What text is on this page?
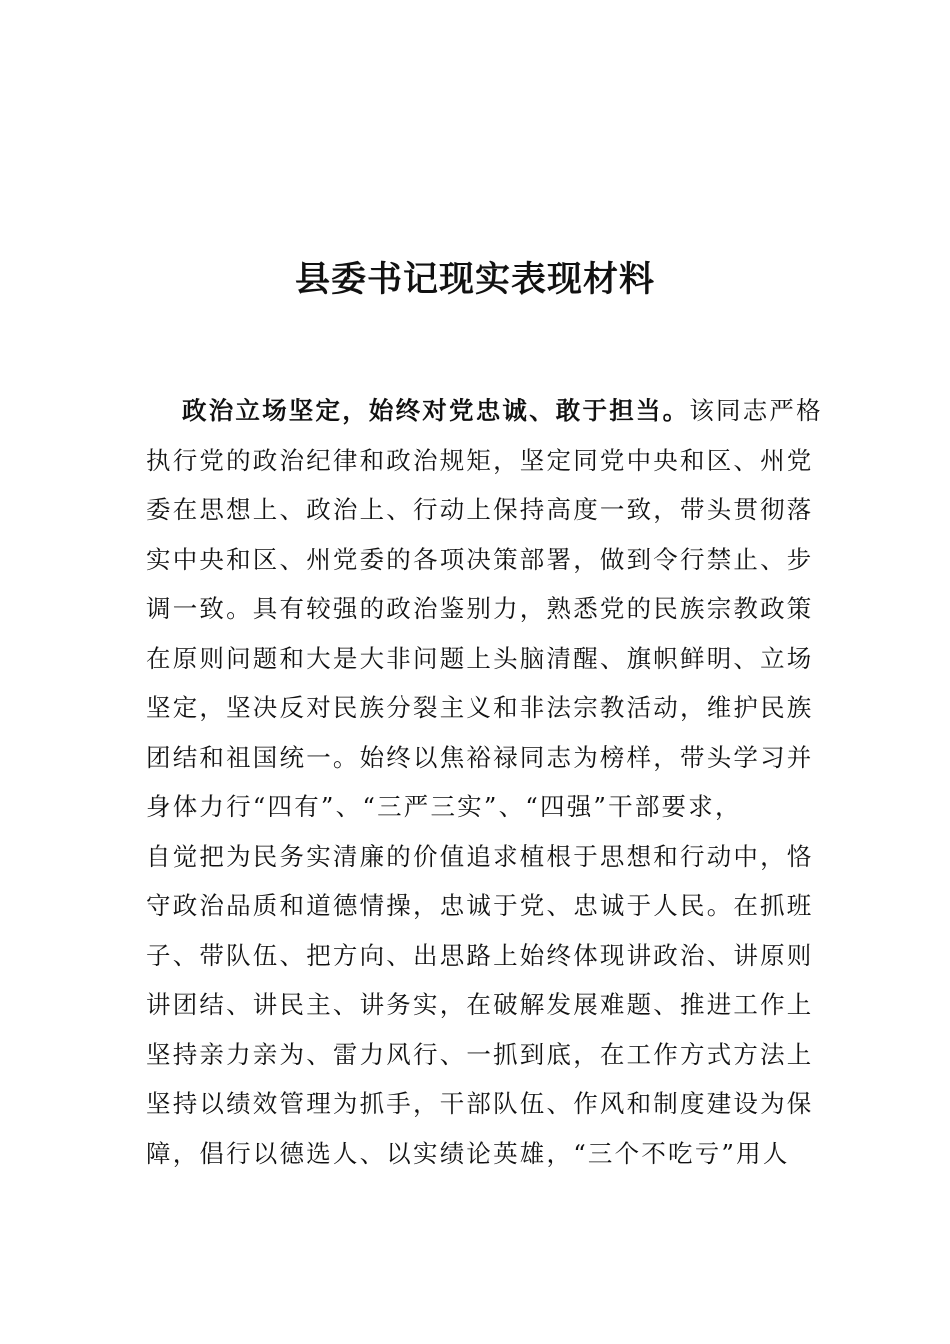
县委书记现实表现材料
政治立场坚定，始终对党忠诚、敢于担当。该同志严格
执行党的政治纪律和政治规矩，坚定同党中央和区、州党
委在思想上、政治上、行动上保持高度一致，带头贯彻落
实中央和区、州党委的各项决策部署，做到令行禁止、步
调一致。具有较强的政治鉴别力，熟悉党的民族宗教政策
在原则问题和大是大非问题上头脑清醒、旗帜鲜明、立场
坚定，坚决反对民族分裂主义和非法宗教活动，维护民族
团结和祖国统一。始终以焦裕禄同志为榜样，带头学习并
身体力行“四有”、“三严三实”、“四强”干部要求，
自觉把为民务实清廉的价值追求植根于思想和行动中，恪
守政治品质和道德情操，忠诚于党、忠诚于人民。在抓班
子、带队伍、把方向、出思路上始终体现讲政治、讲原则
讲团结、讲民主、讲务实，在破解发展难题、推进工作上
坚持亲力亲为、雷力风行、一抓到底，在工作方式方法上
坚持以绩效管理为抓手，干部队伍、作风和制度建设为保
障，倡行以德选人、以实绩论英雄，“三个不吃亏”用人
